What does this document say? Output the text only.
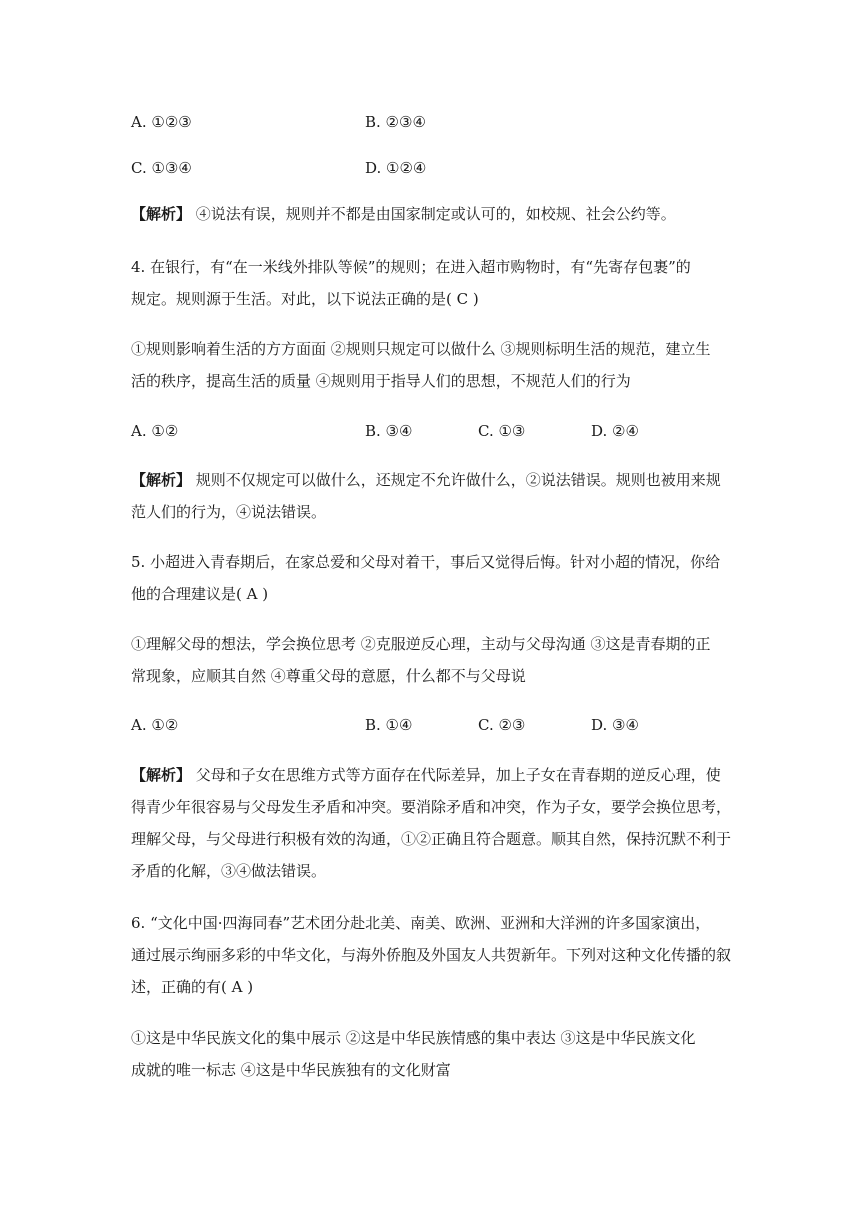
A. ①②③	B. ②③④
C. ①③④	D. ①②④
【解析】 ④说法有误，规则并不都是由国家制定或认可的，如校规、社会公约等。
4. 在银行，有“在一米线外排队等候”的规则；在进入超市购物时，有“先寄存包裹”的
规定。规则源于生活。对此，以下说法正确的是( C )
①规则影响着生活的方方面面 ②规则只规定可以做什么 ③规则标明生活的规范，建立生
活的秩序，提高生活的质量 ④规则用于指导人们的思想，不规范人们的行为
A. ①②	B. ③④	C. ①③	D. ②④
【解析】 规则不仅规定可以做什么，还规定不允许做什么，②说法错误。规则也被用来规
范人们的行为，④说法错误。
5. 小超进入青春期后，在家总爱和父母对着干，事后又觉得后悔。针对小超的情况，你给
他的合理建议是( A )
①理解父母的想法，学会换位思考 ②克服逆反心理，主动与父母沟通 ③这是青春期的正
常现象，应顺其自然 ④尊重父母的意愿，什么都不与父母说
A. ①②	B. ①④	C. ②③	D. ③④
【解析】 父母和子女在思维方式等方面存在代际差异，加上子女在青春期的逆反心理，使
得青少年很容易与父母发生矛盾和冲突。要消除矛盾和冲突，作为子女，要学会换位思考，
理解父母，与父母进行积极有效的沟通，①②正确且符合题意。顺其自然，保持沉默不利于
矛盾的化解，③④做法错误。
6. “文化中国·四海同春”艺术团分赴北美、南美、欧洲、亚洲和大洋洲的许多国家演出，
通过展示绚丽多彩的中华文化，与海外侨胞及外国友人共贺新年。下列对这种文化传播的叙
述，正确的有( A )
①这是中华民族文化的集中展示 ②这是中华民族情感的集中表达 ③这是中华民族文化
成就的唯一标志 ④这是中华民族独有的文化财富
